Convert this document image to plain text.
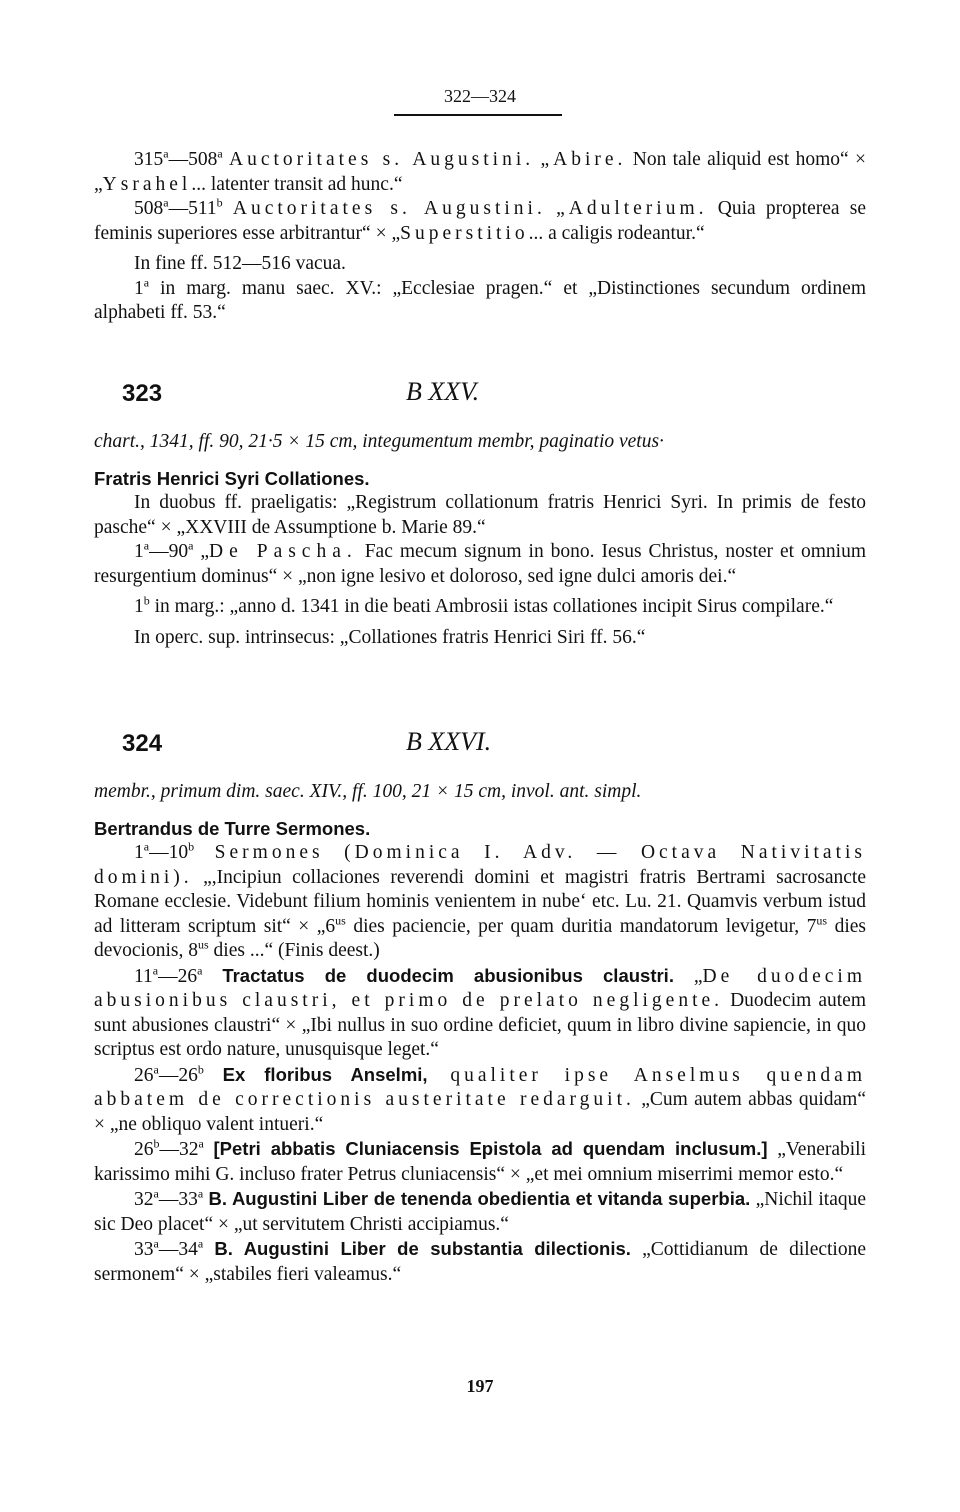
322—324

315$^a$—508$^a$ Auctoritates s. Augustini. „Abire. Non tale aliquid est homo“ × „Ysrahel... latenter transit ad hunc.“

508$^a$—511$^b$ Auctoritates s. Augustini. „Adulterium. Quia propterea se feminis superiores esse arbitrantur“ × „Superstitio... a caligis rodeantur.“

In fine ff. 512—516 vacua.

1$^a$ in marg. manu saec. XV.: „Ecclesiae pragen.“ et „Distinctiones secundum ordinem alphabeti ff. 53.“

323	B XXV.

chart., 1341, ff. 90, 21·5 × 15 cm, integumentum membr, paginatio vetus·

Fratris Henrici Syri Collationes.

In duobus ff. praeligatis: „Registrum collationum fratris Henrici Syri. In primis de festo pasche“ × „XXVIII de Assumptione b. Marie 89.“

1$^a$—90$^a$ „De Pascha. Fac mecum signum in bono. Iesus Christus, noster et omnium resurgentium dominus“ × „non igne lesivo et doloroso, sed igne dulci amoris dei.“

1$^b$ in marg.: „anno d. 1341 in die beati Ambrosii istas collationes incipit Sirus compilare.“

In operc. sup. intrinsecus: „Collationes fratris Henrici Siri ff. 56.“

324	B XXVI.

membr., primum dim. saec. XIV., ff. 100, 21 × 15 cm, invol. ant. simpl.

Bertrandus de Turre Sermones.

1$^a$—10$^b$ Sermones (Dominica I. Adv. — Octava Nativitatis domini). „,Incipiun collaciones reverendi domini et magistri fratris Bertrami sacrosancte Romane ecclesie. Videbunt filium hominis venientem in nube‘ etc. Lu. 21. Quamvis verbum istud ad litteram scriptum sit“ × $„6^{us}$ dies paciencie, per quam duritia mandatorum levigetur, $7^{us}$ dies devocionis, $8^{us}$ dies ...“ (Finis deest.)

11$^a$—26$^a$ Tractatus de duodecim abusionibus claustri. „De duodecim abusionibus claustri, et primo de prelato negligente. Duodecim autem sunt abusiones claustri“ × „Ibi nullus in suo ordine deficiet, quum in libro divine sapiencie, in quo scriptus est ordo nature, unusquisque leget.“

26$^a$—26$^b$ Ex floribus Anselmi, qualiter ipse Anselmus quendam abbatem de correctionis austeritate redarguit. „Cum autem abbas quidam“ × „ne obliquo valent intueri.“

26$^b$—32$^a$ [Petri abbatis Cluniacensis Epistola ad quendam inclusum.] „Venerabili karissimo mihi G. incluso frater Petrus cluniacensis“ × „et mei omnium miserrimi memor esto.“

32$^a$—33$^a$ B. Augustini Liber de tenenda obedientia et vitanda superbia. „Nichil itaque sic Deo placet“ × „ut servitutem Christi accipiamus.“

33$^a$—34$^a$ B. Augustini Liber de substantia dilectionis. „Cottidianum de dilectione sermonem“ × „stabiles fieri valeamus.“

197
